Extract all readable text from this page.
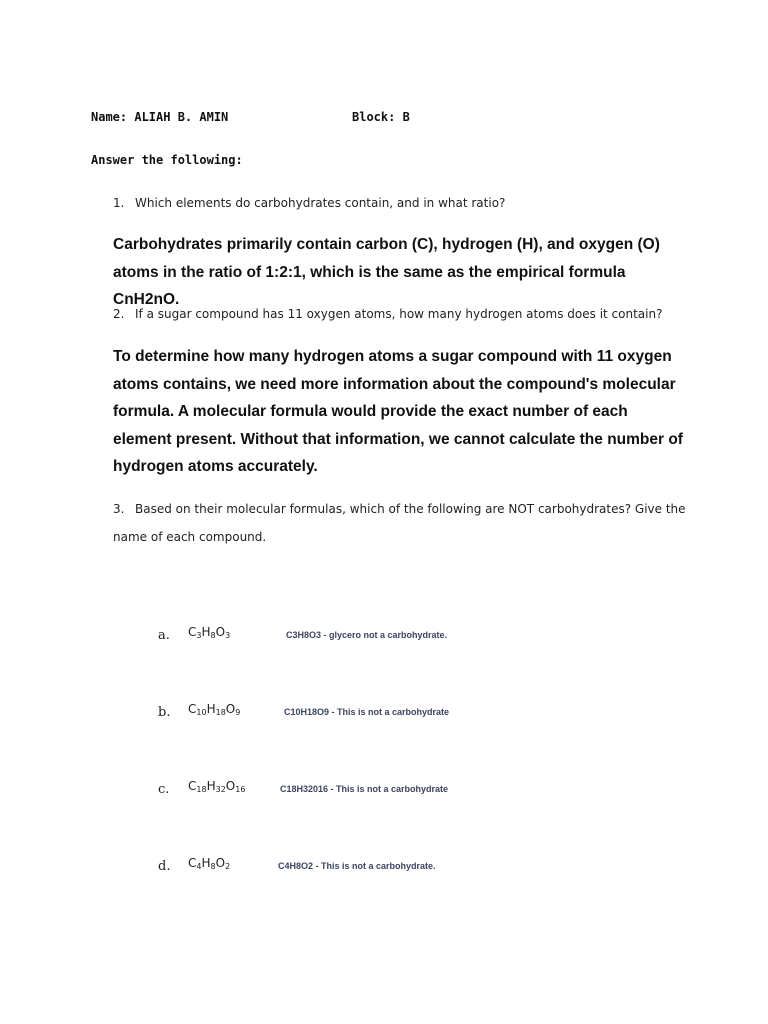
Name: ALIAH B. AMIN	Block: B
Answer the following:
1. Which elements do carbohydrates contain, and in what ratio?
Carbohydrates primarily contain carbon (C), hydrogen (H), and oxygen (O) atoms in the ratio of 1:2:1, which is the same as the empirical formula CnH2nO.
2. If a sugar compound has 11 oxygen atoms, how many hydrogen atoms does it contain?
To determine how many hydrogen atoms a sugar compound with 11 oxygen atoms contains, we need more information about the compound's molecular formula. A molecular formula would provide the exact number of each element present. Without that information, we cannot calculate the number of hydrogen atoms accurately.
3. Based on their molecular formulas, which of the following are NOT carbohydrates? Give the
name of each compound.
a. $C_3H_8O_3$	C3H8O3 - glycero not a carbohydrate.
b. $C_{10}H_{18}O_9$	C10H18O9 - This is not a carbohydrate
c. $C_{18}H_{32}O_{16}$	C18H32016 - This is not a carbohydrate
d. $C_4H_8O_2$	C4H8O2 - This is not a carbohydrate.
